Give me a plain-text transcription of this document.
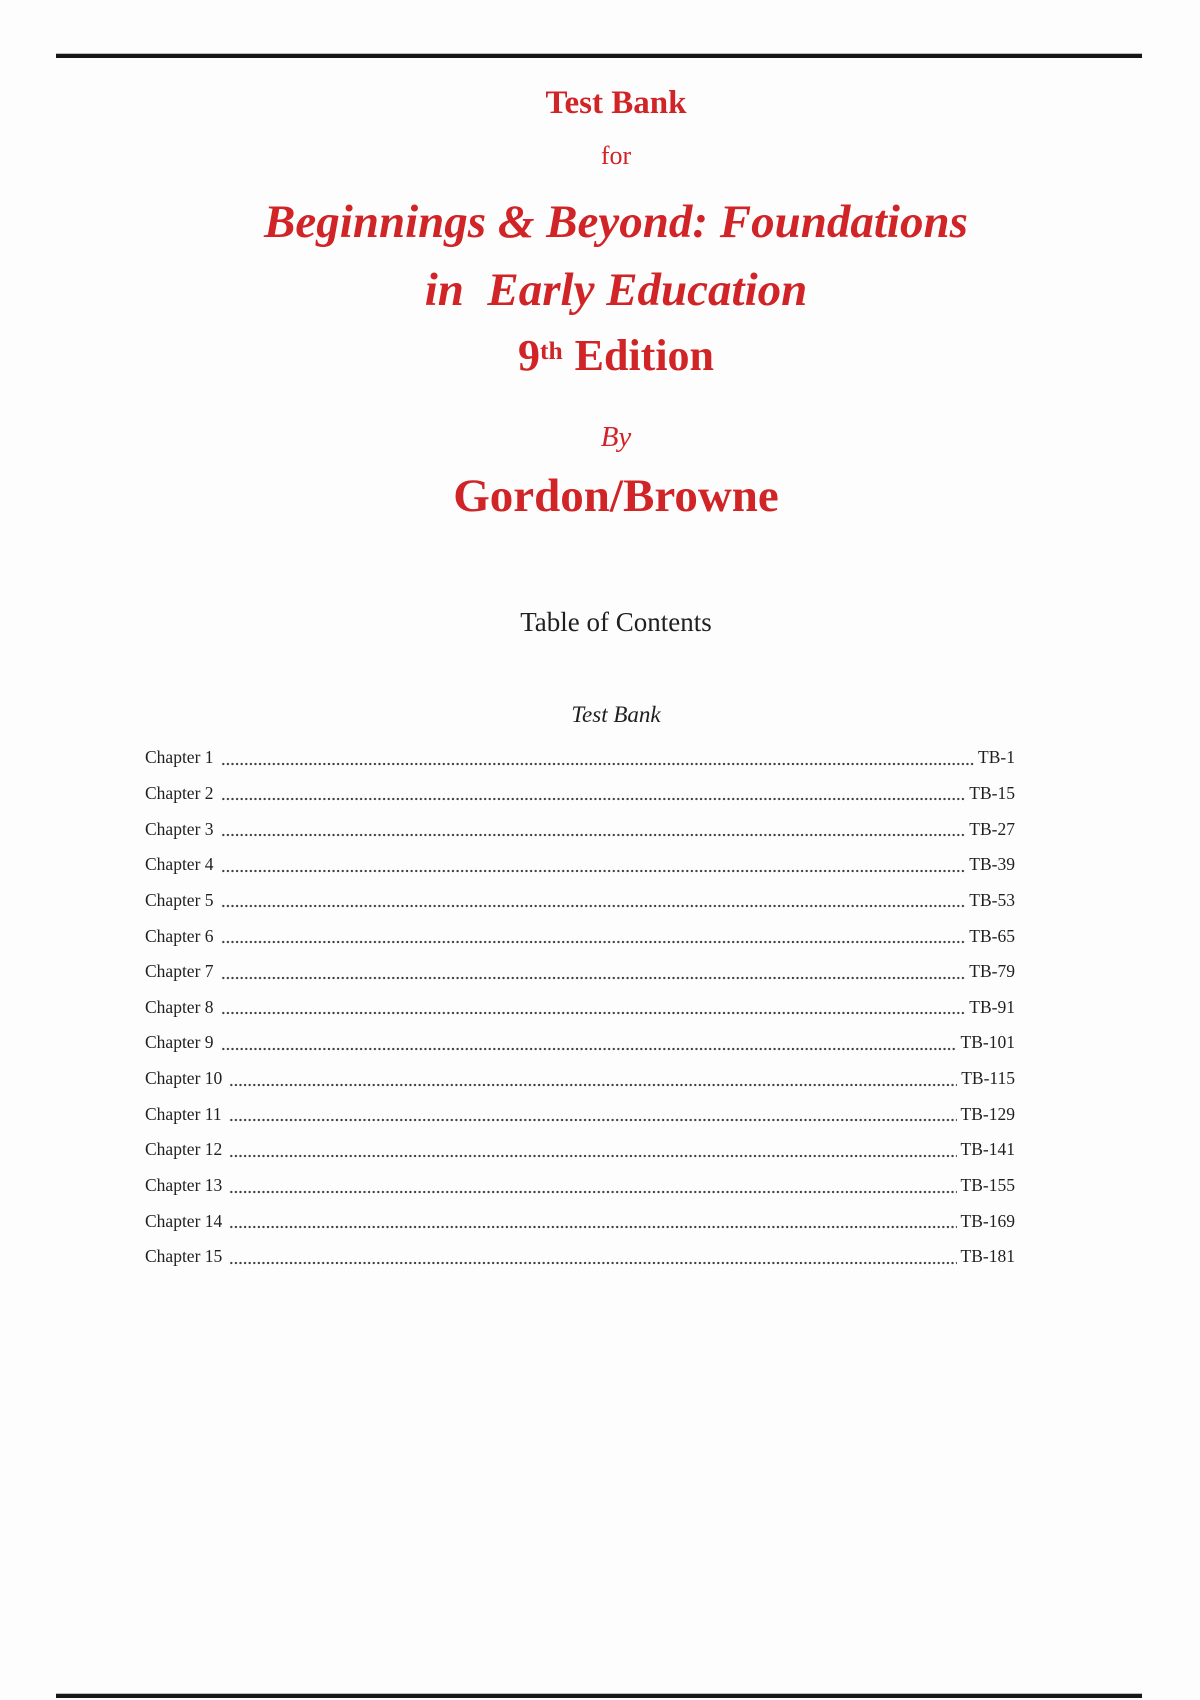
Test Bank
for
Beginnings & Beyond: Foundations
in  Early Education
9th Edition
By
Gordon/Browne
Table of Contents
Test Bank
Chapter 1	TB-1
Chapter 2	TB-15
Chapter 3	TB-27
Chapter 4	TB-39
Chapter 5	TB-53
Chapter 6	TB-65
Chapter 7	TB-79
Chapter 8	TB-91
Chapter 9	TB-101
Chapter 10	TB-115
Chapter 11	TB-129
Chapter 12	TB-141
Chapter 13	TB-155
Chapter 14	TB-169
Chapter 15	TB-181
